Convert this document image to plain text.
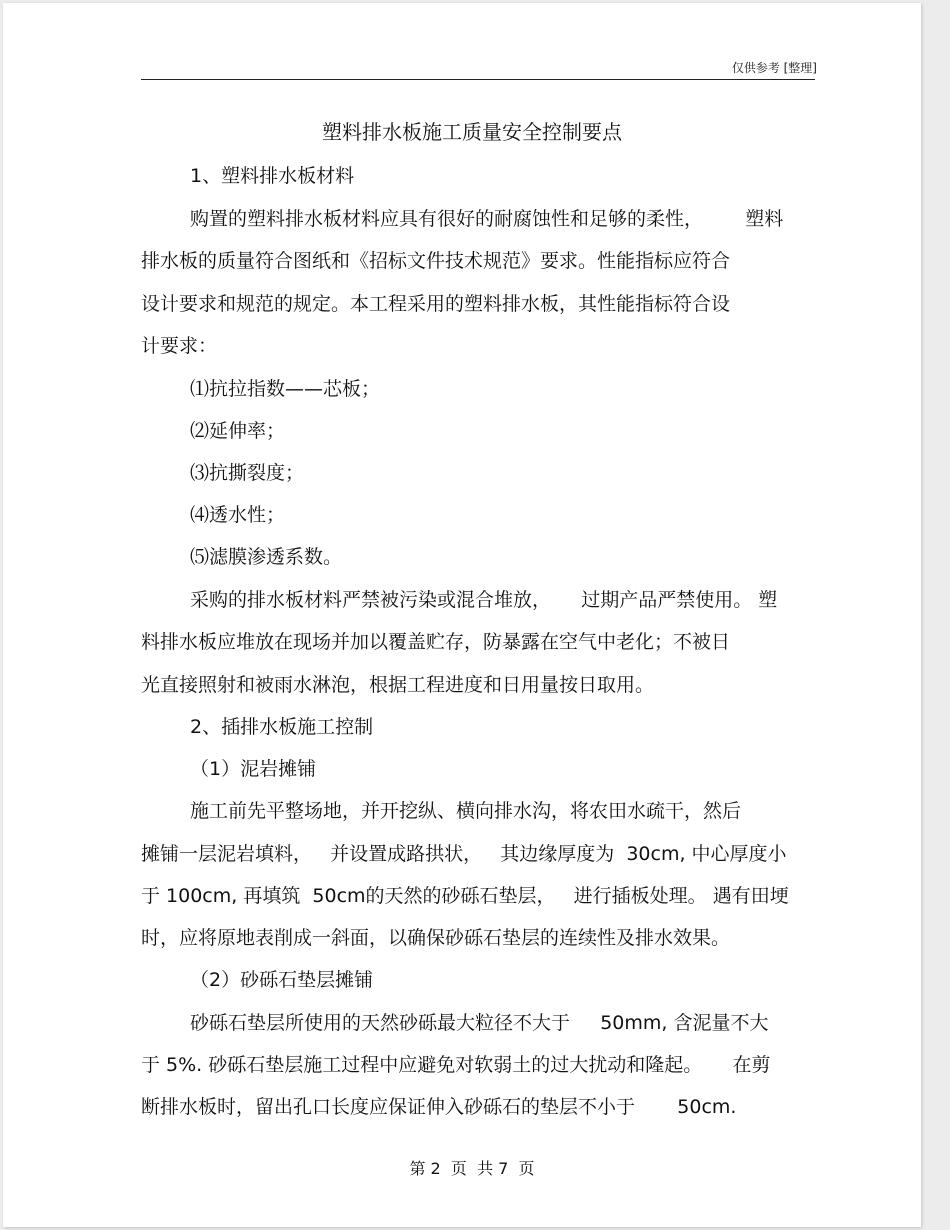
仅供参考 [整理]
塑料排水板施工质量安全控制要点
1、塑料排水板材料
购置的塑料排水板材料应具有很好的耐腐蚀性和足够的柔性，       塑料
排水板的质量符合图纸和《招标文件技术规范》要求。性能指标应符合
设计要求和规范的规定。本工程采用的塑料排水板，其性能指标符合设
计要求：
⑴抗拉指数——芯板；
⑵延伸率；
⑶抗撕裂度；
⑷透水性；
⑸滤膜渗透系数。
采购的排水板材料严禁被污染或混合堆放，     过期产品严禁使用。 塑
料排水板应堆放在现场并加以覆盖贮存，防暴露在空气中老化；不被日
光直接照射和被雨水淋泡，根据工程进度和日用量按日取用。
2、插排水板施工控制
（1）泥岩摊铺
施工前先平整场地，并开挖纵、横向排水沟，将农田水疏干，然后
摊铺一层泥岩填料，   并设置成路拱状，   其边缘厚度为  30cm, 中心厚度小
于 100cm, 再填筑  50cm的天然的砂砾石垫层，   进行插板处理。 遇有田埂
时，应将原地表削成一斜面，以确保砂砾石垫层的连续性及排水效果。
（2）砂砾石垫层摊铺
砂砾石垫层所使用的天然砂砾最大粒径不大于     50mm, 含泥量不大
于 5%. 砂砾石垫层施工过程中应避免对软弱土的过大扰动和隆起。     在剪
断排水板时，留出孔口长度应保证伸入砂砾石的垫层不小于       50cm.
第 2  页  共 7  页
